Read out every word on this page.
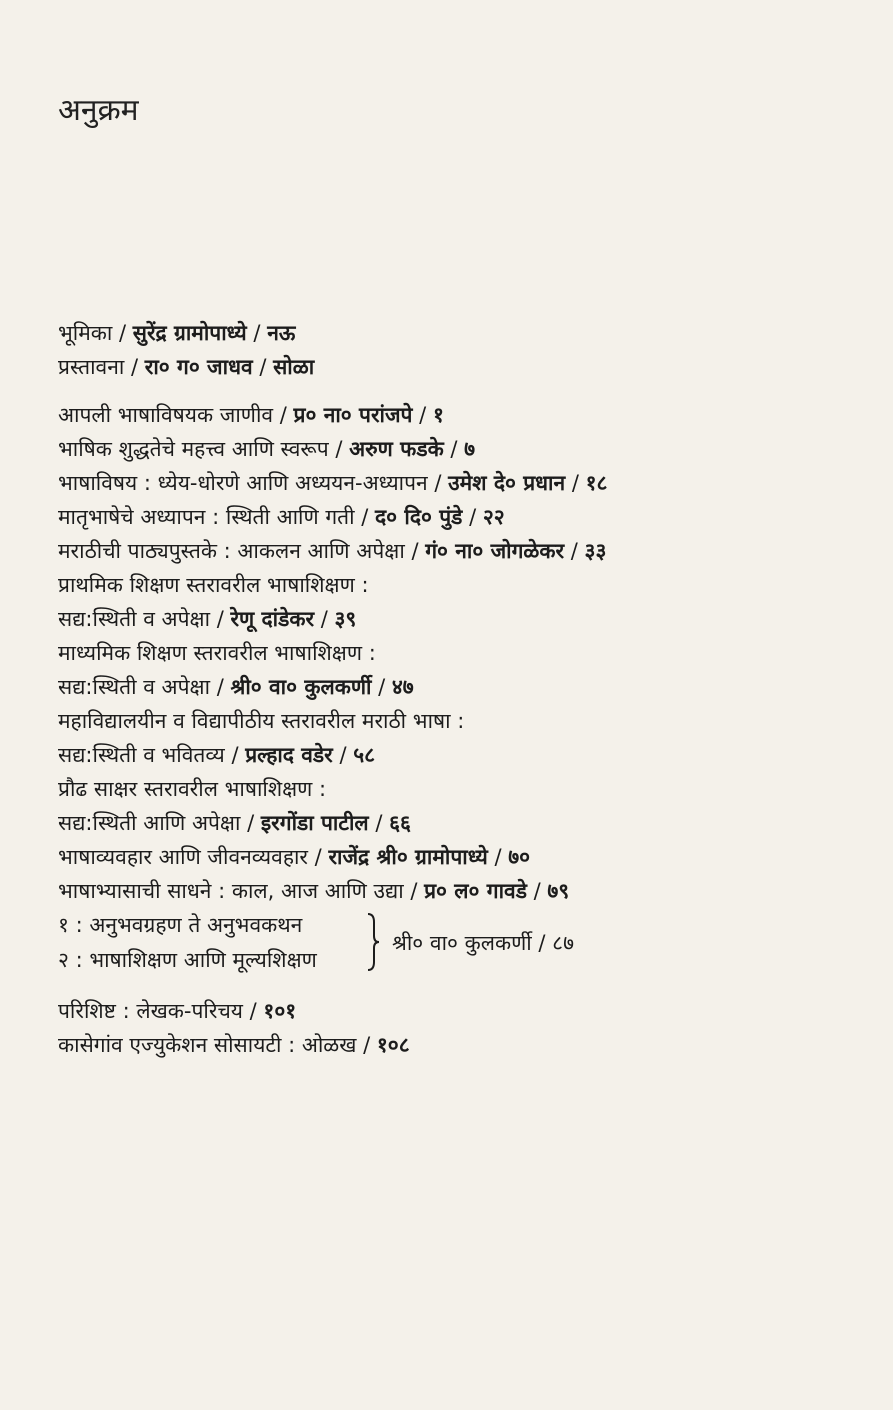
अनुक्रम
भूमिका / सुरेंद्र ग्रामोपाध्ये / नऊ
प्रस्तावना / रा० ग० जाधव / सोळा
आपली भाषाविषयक जाणीव / प्र० ना० परांजपे / १
भाषिक शुद्धतेचे महत्त्व आणि स्वरूप / अरुण फडके / ७
भाषाविषय : ध्येय-धोरणे आणि अध्ययन-अध्यापन / उमेश दे० प्रधान / १८
मातृभाषेचे अध्यापन : स्थिती आणि गती / द० दि० पुंडे / २२
मराठीची पाठ्यपुस्तके : आकलन आणि अपेक्षा / गं० ना० जोगळेकर / ३३
प्राथमिक शिक्षण स्तरावरील भाषाशिक्षण :
सद्य:स्थिती व अपेक्षा / रेणू दांडेकर / ३९
माध्यमिक शिक्षण स्तरावरील भाषाशिक्षण :
सद्य:स्थिती व अपेक्षा / श्री० वा० कुलकर्णी / ४७
महाविद्यालयीन व विद्यापीठीय स्तरावरील मराठी भाषा :
सद्य:स्थिती व भवितव्य / प्रल्हाद वडेर / ५८
प्रौढ साक्षर स्तरावरील भाषाशिक्षण :
सद्य:स्थिती आणि अपेक्षा / इरगोंडा पाटील / ६६
भाषाव्यवहार आणि जीवनव्यवहार / राजेंद्र श्री० ग्रामोपाध्ये / ७०
भाषाभ्यासाची साधने : काल, आज आणि उद्या / प्र० ल० गावडे / ७९
१ : अनुभवग्रहण ते अनुभवकथन
२ : भाषाशिक्षण आणि मूल्यशिक्षण
श्री० वा० कुलकर्णी / ८७
परिशिष्ट : लेखक-परिचय / १०१
कासेगांव एज्युकेशन सोसायटी : ओळख / १०८
